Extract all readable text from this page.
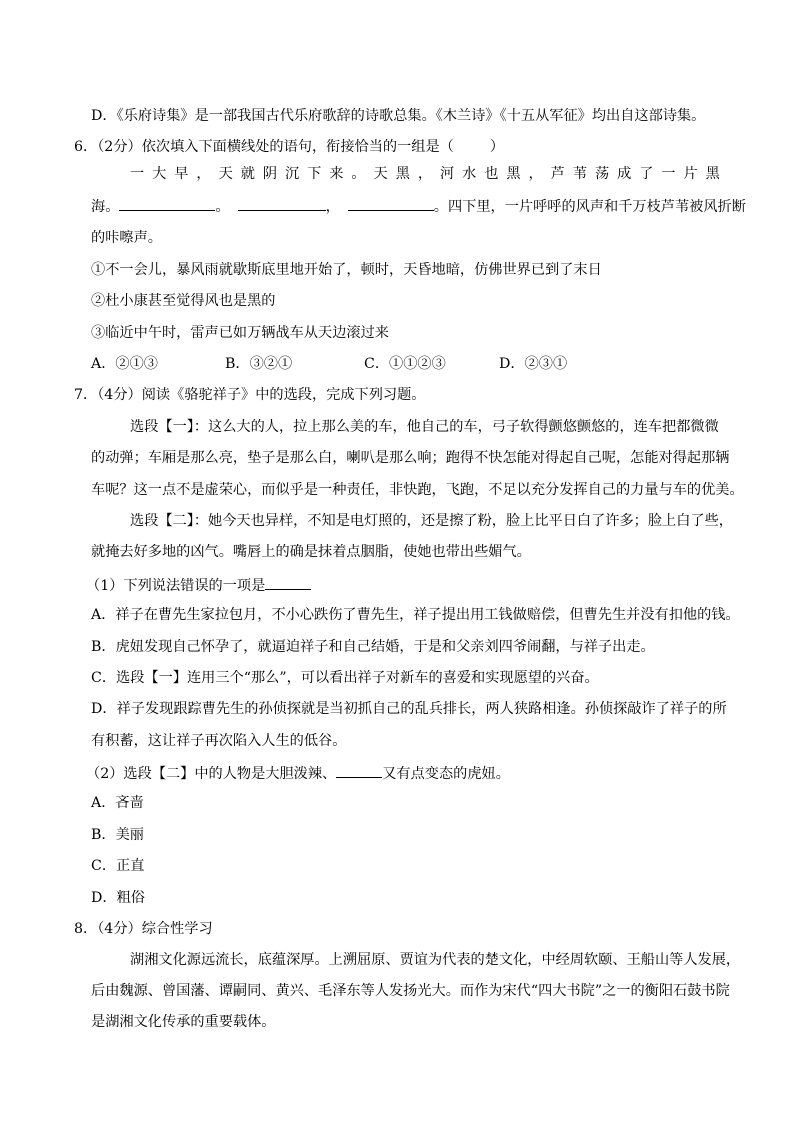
D．《乐府诗集》是一部我国古代乐府歌辞的诗歌总集。《木兰诗》《十五从军征》均出自这部诗集。
6．（2分）依次填入下面横线处的语句，衔接恰当的一组是（	）
一 大 早 ， 天 就 阴 沉 下 来 。 天 黑 ， 河 水 也 黑 ， 芦 苇 荡 成 了 一 片 黑
海。	。	，	。四下里，一片呼呼的风声和千万枝芦苇被风折断
的咔嚓声。
①不一会儿，暴风雨就歇斯底里地开始了，顿时，天昏地暗，仿佛世界已到了末日
②杜小康甚至觉得风也是黑的
③临近中午时，雷声已如万辆战车从天边滚过来
A．②①③	B．③②①	C．①①②③	D．②③①
7．（4分）阅读《骆驼祥子》中的选段，完成下列习题。
选段【一】：这么大的人，拉上那么美的车，他自己的车，弓子软得颤悠颤悠的，连车把都微微
的动弹；车厢是那么亮，垫子是那么白，喇叭是那么响；跑得不快怎能对得起自己呢，怎能对得起那辆
车呢？这一点不是虚荣心，而似乎是一种责任，非快跑，飞跑，不足以充分发挥自己的力量与车的优美。
选段【二】：她今天也异样，不知是电灯照的，还是擦了粉，脸上比平日白了许多；脸上白了些，
就掩去好多地的凶气。嘴唇上的确是抹着点胭脂，使她也带出些媚气。
（1）下列说法错误的一项是
A．祥子在曹先生家拉包月，不小心跌伤了曹先生，祥子提出用工钱做赔偿，但曹先生并没有扣他的钱。
B．虎妞发现自己怀孕了，就逼迫祥子和自己结婚，于是和父亲刘四爷闹翻，与祥子出走。
C．选段【一】连用三个“那么”，可以看出祥子对新车的喜爱和实现愿望的兴奋。
D．祥子发现跟踪曹先生的孙侦探就是当初抓自己的乱兵排长，两人狭路相逢。孙侦探敲诈了祥子的所
有积蓄，这让祥子再次陷入人生的低谷。
（2）选段【二】中的人物是大胆泼辣、	又有点变态的虎妞。
A．吝啬
B．美丽
C．正直
D．粗俗
8．（4分）综合性学习
湖湘文化源远流长，底蕴深厚。上溯屈原、贾谊为代表的楚文化，中经周软颐、王船山等人发展，
后由魏源、曾国藩、谭嗣同、黄兴、毛泽东等人发扬光大。而作为宋代“四大书院”之一的衡阳石鼓书院
是湖湘文化传承的重要载体。
